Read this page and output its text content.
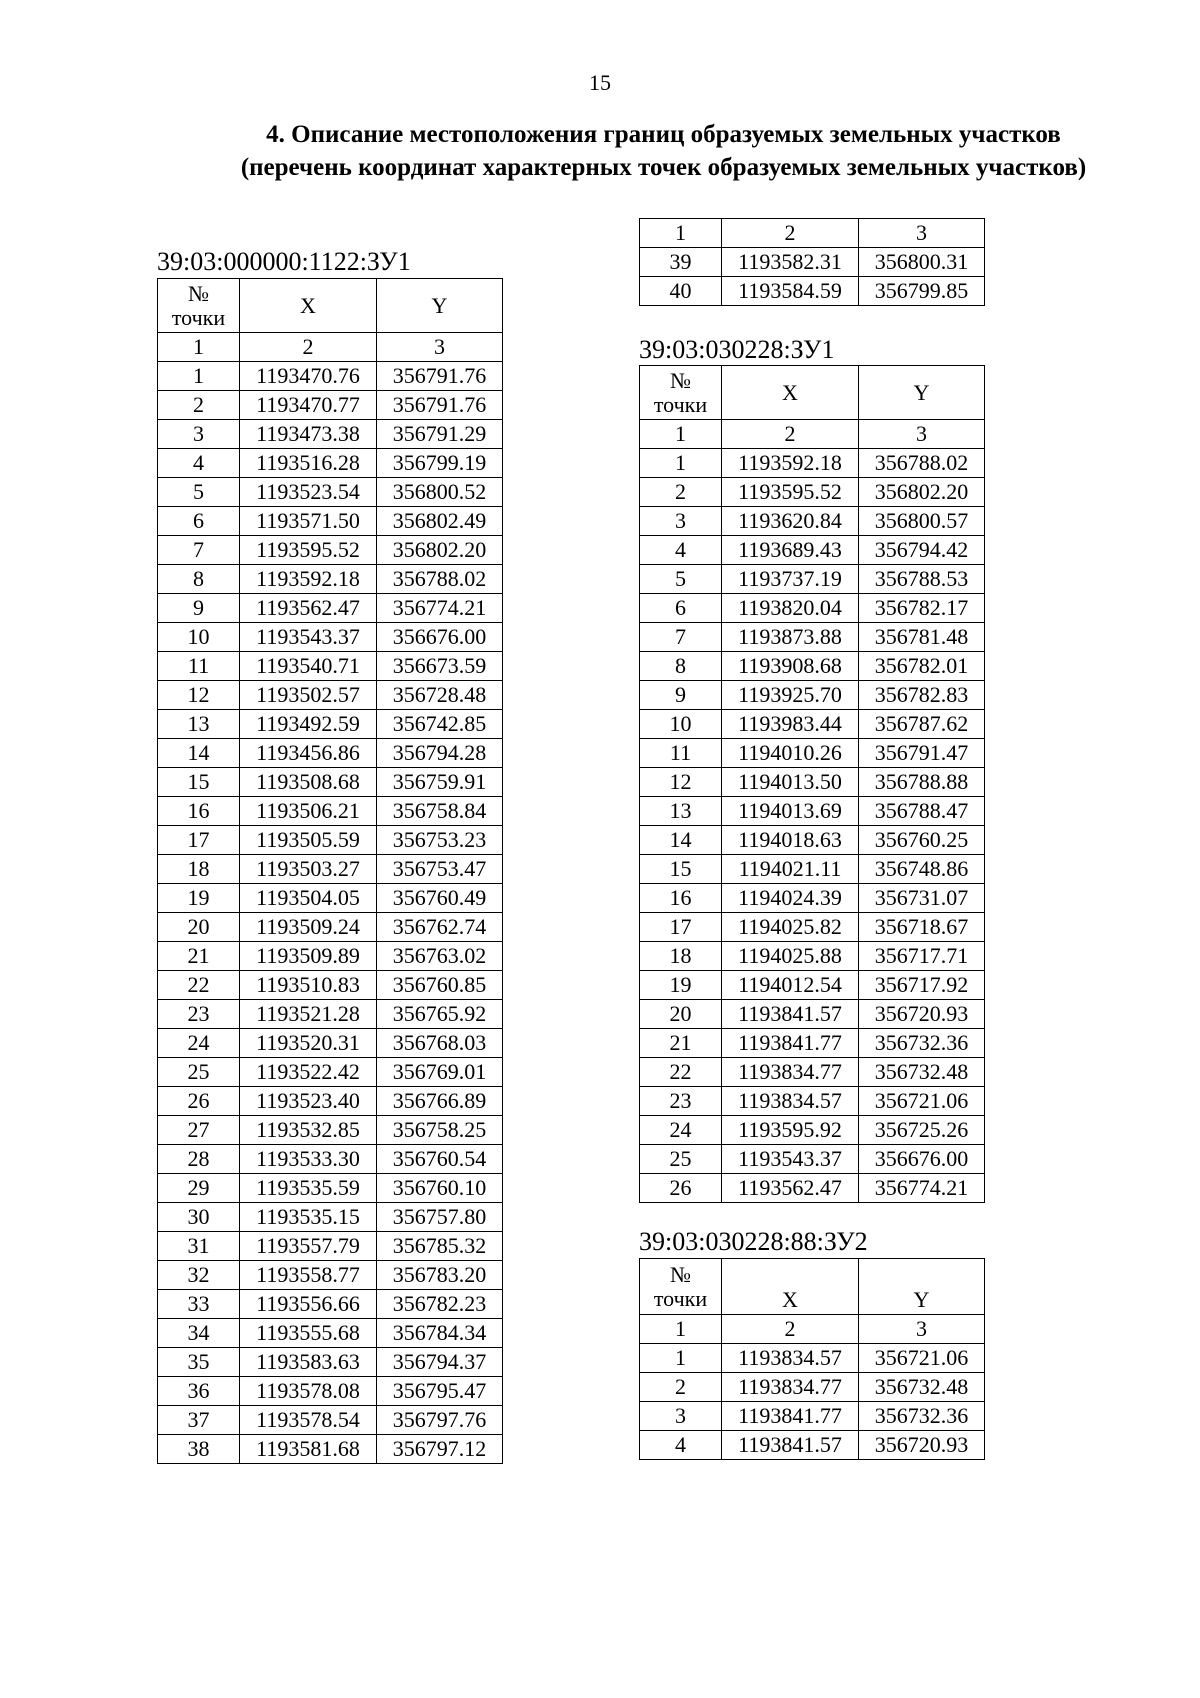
15
4. Описание местоположения границ образуемых земельных участков
(перечень координат характерных точек образуемых земельных участков)
39:03:000000:1122:ЗУ1
№
точки	X	Y
1	2	3
1	1193470.76	356791.76
2	1193470.77	356791.76
3	1193473.38	356791.29
4	1193516.28	356799.19
5	1193523.54	356800.52
6	1193571.50	356802.49
7	1193595.52	356802.20
8	1193592.18	356788.02
9	1193562.47	356774.21
10	1193543.37	356676.00
11	1193540.71	356673.59
12	1193502.57	356728.48
13	1193492.59	356742.85
14	1193456.86	356794.28
15	1193508.68	356759.91
16	1193506.21	356758.84
17	1193505.59	356753.23
18	1193503.27	356753.47
19	1193504.05	356760.49
20	1193509.24	356762.74
21	1193509.89	356763.02
22	1193510.83	356760.85
23	1193521.28	356765.92
24	1193520.31	356768.03
25	1193522.42	356769.01
26	1193523.40	356766.89
27	1193532.85	356758.25
28	1193533.30	356760.54
29	1193535.59	356760.10
30	1193535.15	356757.80
31	1193557.79	356785.32
32	1193558.77	356783.20
33	1193556.66	356782.23
34	1193555.68	356784.34
35	1193583.63	356794.37
36	1193578.08	356795.47
37	1193578.54	356797.76
38	1193581.68	356797.12
1	2	3
39	1193582.31	356800.31
40	1193584.59	356799.85
39:03:030228:ЗУ1
№
точки	X	Y
1	2	3
1	1193592.18	356788.02
2	1193595.52	356802.20
3	1193620.84	356800.57
4	1193689.43	356794.42
5	1193737.19	356788.53
6	1193820.04	356782.17
7	1193873.88	356781.48
8	1193908.68	356782.01
9	1193925.70	356782.83
10	1193983.44	356787.62
11	1194010.26	356791.47
12	1194013.50	356788.88
13	1194013.69	356788.47
14	1194018.63	356760.25
15	1194021.11	356748.86
16	1194024.39	356731.07
17	1194025.82	356718.67
18	1194025.88	356717.71
19	1194012.54	356717.92
20	1193841.57	356720.93
21	1193841.77	356732.36
22	1193834.77	356732.48
23	1193834.57	356721.06
24	1193595.92	356725.26
25	1193543.37	356676.00
26	1193562.47	356774.21
39:03:030228:88:ЗУ2
№
точки	X	Y
1	2	3
1	1193834.57	356721.06
2	1193834.77	356732.48
3	1193841.77	356732.36
4	1193841.57	356720.93
